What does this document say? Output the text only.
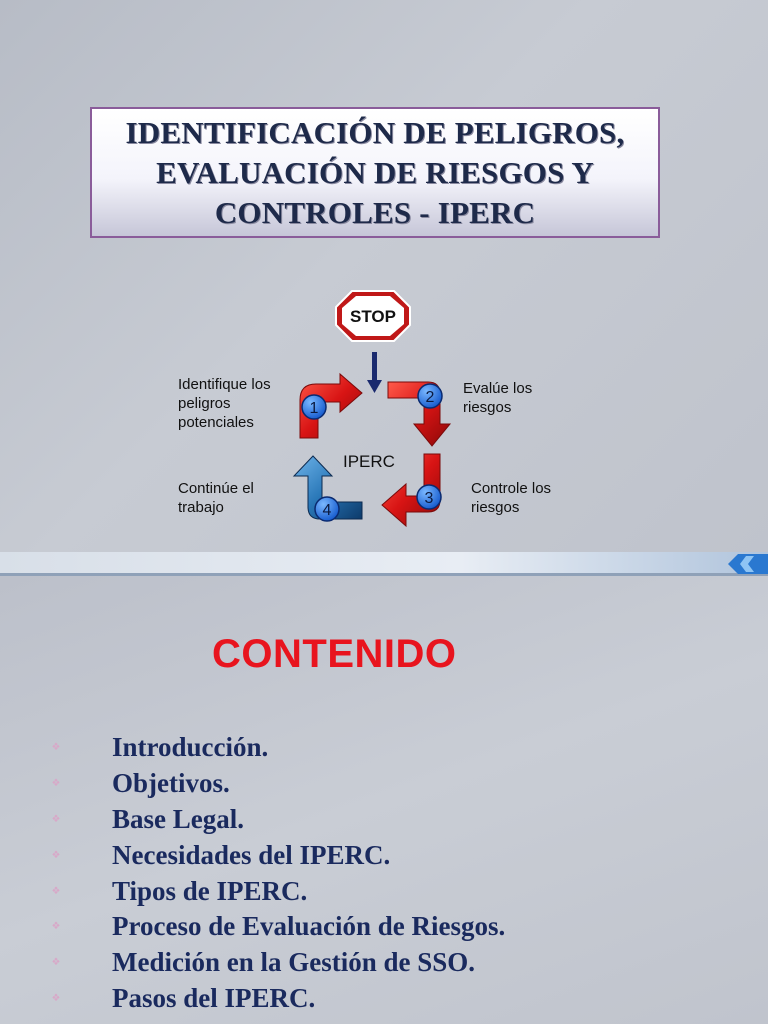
IDENTIFICACIÓN DE PELIGROS,
EVALUACIÓN DE RIESGOS Y
CONTROLES - IPERC
STOP
1
2
3
4
IPERC
Identifique los
peligros
potenciales
Evalúe los
riesgos
Controle los
riesgos
Continúe el
trabajo
CONTENIDO
❖ Introducción.
❖ Objetivos.
❖ Base Legal.
❖ Necesidades del IPERC.
❖ Tipos de IPERC.
❖ Proceso de Evaluación de Riesgos.
❖ Medición en la Gestión de SSO.
❖ Pasos del IPERC.
